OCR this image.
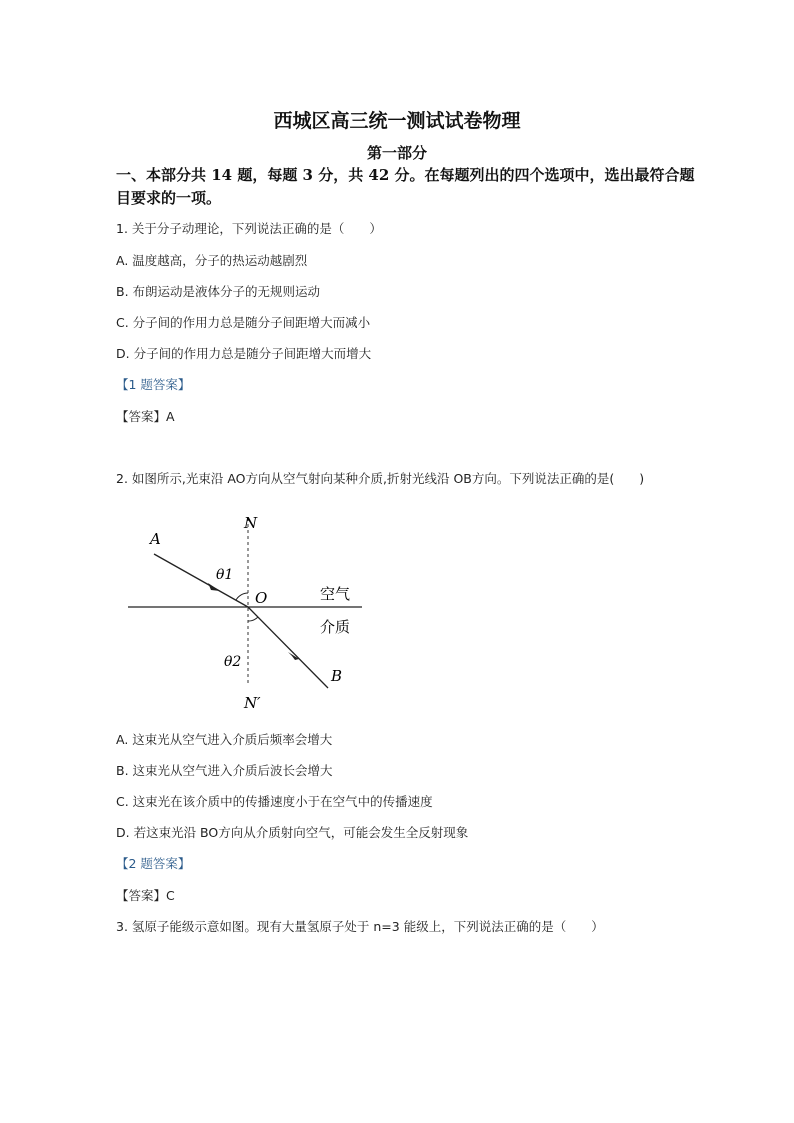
西城区高三统一测试试卷物理
第一部分
一、本部分共 14 题，每题 3 分，共 42 分。在每题列出的四个选项中，选出最符合题目要求的一项。
1. 关于分子动理论，下列说法正确的是（　　）
A. 温度越高，分子的热运动越剧烈
B. 布朗运动是液体分子的无规则运动
C. 分子间的作用力总是随分子间距增大而减小
D. 分子间的作用力总是随分子间距增大而增大
【1 题答案】
【答案】A
2. 如图所示,光束沿 AO方向从空气射向某种介质,折射光线沿 OB方向。下列说法正确的是(　　)
A
N
θ1
O	空气
介质
θ2
B
N′
A. 这束光从空气进入介质后频率会增大
B. 这束光从空气进入介质后波长会增大
C. 这束光在该介质中的传播速度小于在空气中的传播速度
D. 若这束光沿 BO方向从介质射向空气，可能会发生全反射现象
【2 题答案】
【答案】C
3. 氢原子能级示意如图。现有大量氢原子处于 n=3 能级上，下列说法正确的是（　　）
